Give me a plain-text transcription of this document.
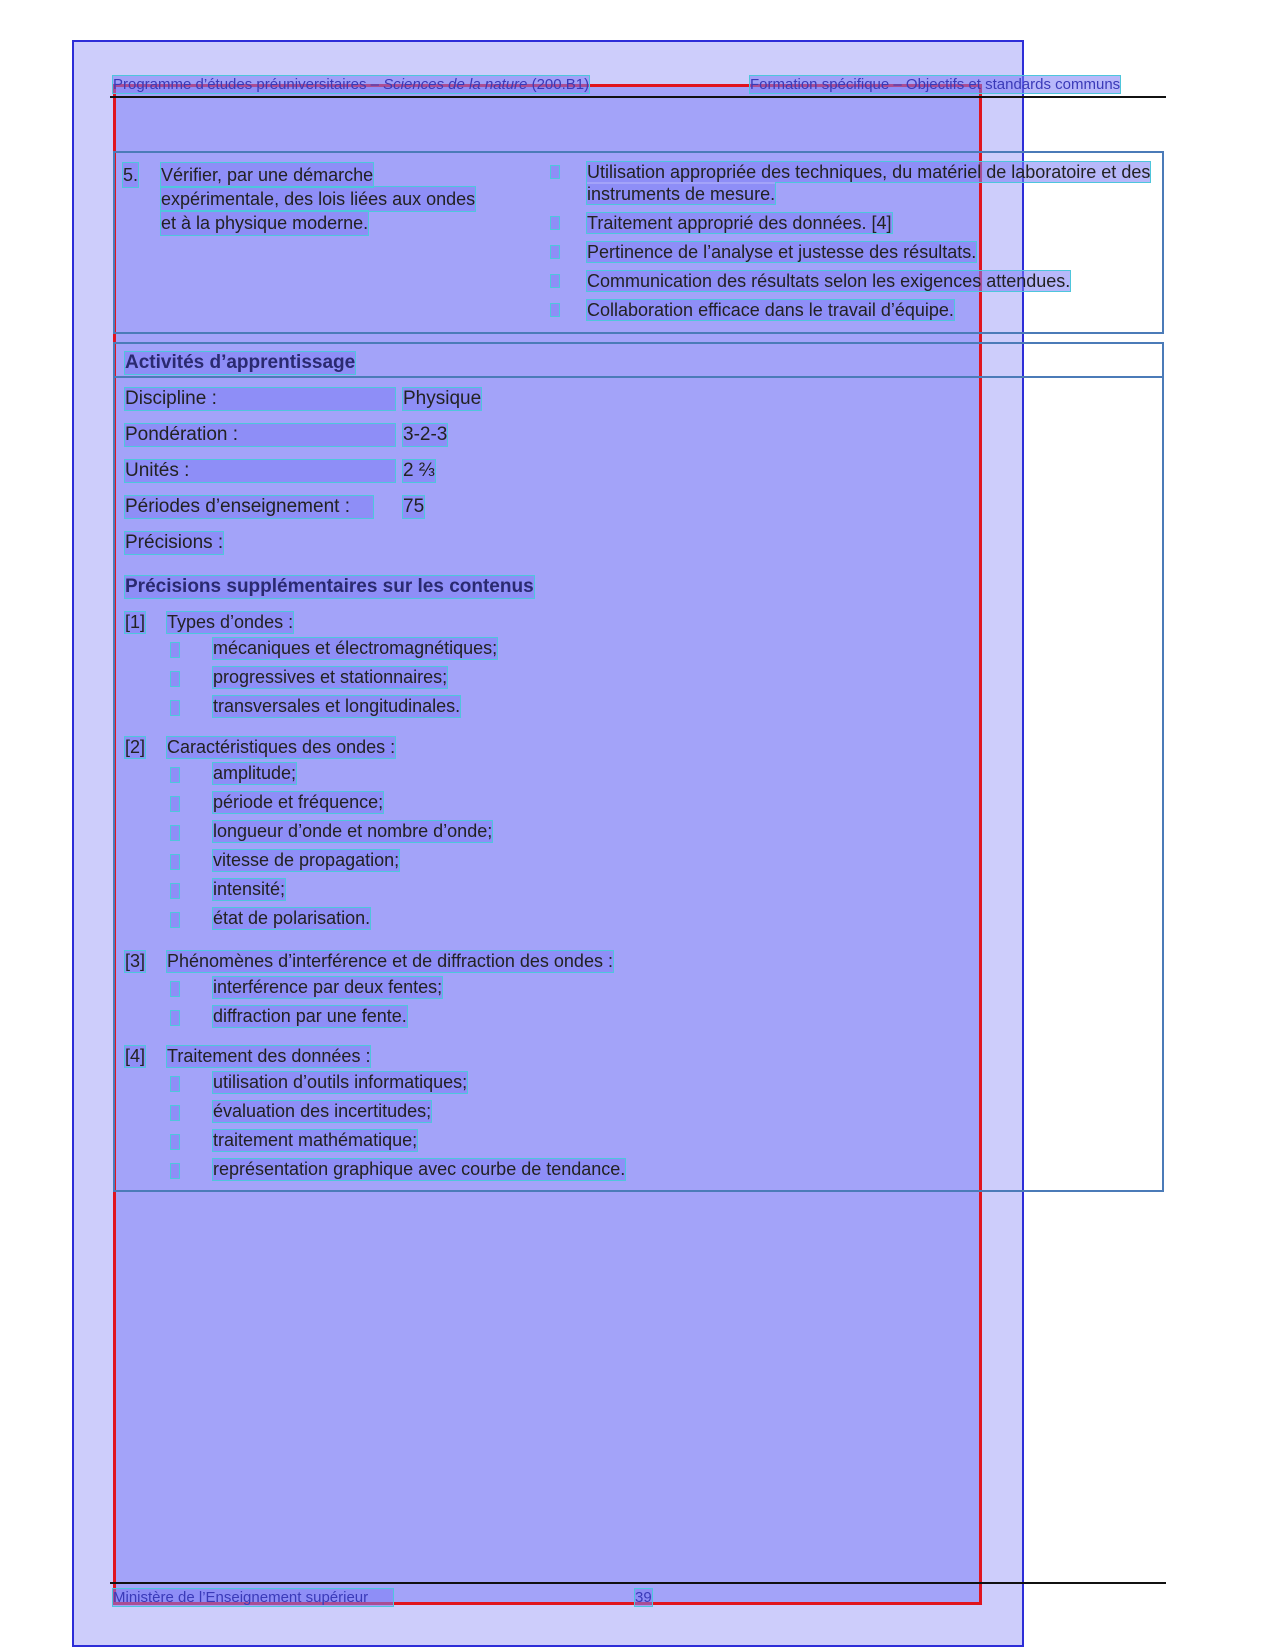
Programme d’études préuniversitaires – Sciences de la nature (200.B1)	Formation spécifique – Objectifs et standards communs
5. Vérifier, par une démarche
expérimentale, des lois liées aux ondes
et à la physique moderne.
Utilisation appropriée des techniques, du matériel de laboratoire et des instruments de mesure.
Traitement approprié des données. [4]
Pertinence de l’analyse et justesse des résultats.
Communication des résultats selon les exigences attendues.
Collaboration efficace dans le travail d’équipe.
Activités d’apprentissage
Discipline :	Physique
Pondération :	3-2-3
Unités :	2 ⅔
Périodes d’enseignement :	75
Précisions :
Précisions supplémentaires sur les contenus
[1] Types d’ondes :
mécaniques et électromagnétiques;
progressives et stationnaires;
transversales et longitudinales.
[2] Caractéristiques des ondes :
amplitude;
période et fréquence;
longueur d’onde et nombre d’onde;
vitesse de propagation;
intensité;
état de polarisation.
[3] Phénomènes d’interférence et de diffraction des ondes :
interférence par deux fentes;
diffraction par une fente.
[4] Traitement des données :
utilisation d’outils informatiques;
évaluation des incertitudes;
traitement mathématique;
représentation graphique avec courbe de tendance.
Ministère de l’Enseignement supérieur	39
